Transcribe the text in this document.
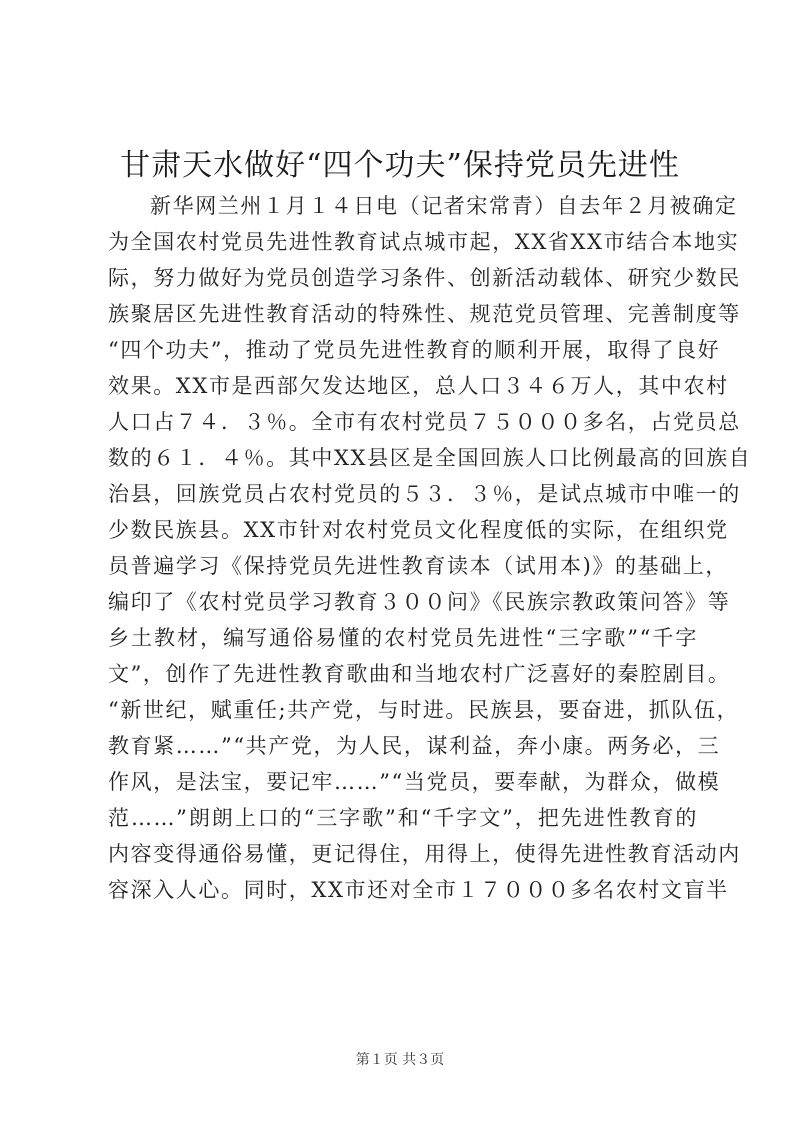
甘肃天水做好“四个功夫”保持党员先进性
新华网兰州１月１４日电（记者宋常青）自去年２月被确定
为全国农村党员先进性教育试点城市起，XX省XX市结合本地实
际，努力做好为党员创造学习条件、创新活动载体、研究少数民
族聚居区先进性教育活动的特殊性、规范党员管理、完善制度等
“四个功夫”，推动了党员先进性教育的顺利开展，取得了良好
效果。XX市是西部欠发达地区，总人口３４６万人，其中农村
人口占７４．３％。全市有农村党员７５０００多名，占党员总
数的６１．４％。其中XX县区是全国回族人口比例最高的回族自
治县，回族党员占农村党员的５３．３％，是试点城市中唯一的
少数民族县。XX市针对农村党员文化程度低的实际，在组织党
员普遍学习《保持党员先进性教育读本（试用本)》的基础上，
编印了《农村党员学习教育３００问》《民族宗教政策问答》等
乡土教材，编写通俗易懂的农村党员先进性“三字歌”“千字
文”，创作了先进性教育歌曲和当地农村广泛喜好的秦腔剧目。
“新世纪，赋重任;共产党，与时进。民族县，要奋进，抓队伍，
教育紧……”“共产党，为人民，谋利益，奔小康。两务必，三
作风，是法宝，要记牢……”“当党员，要奉献，为群众，做模
范……”朗朗上口的“三字歌”和“千字文”，把先进性教育的
内容变得通俗易懂，更记得住，用得上，使得先进性教育活动内
容深入人心。同时，XX市还对全市１７０００多名农村文盲半
第１页 共３页
